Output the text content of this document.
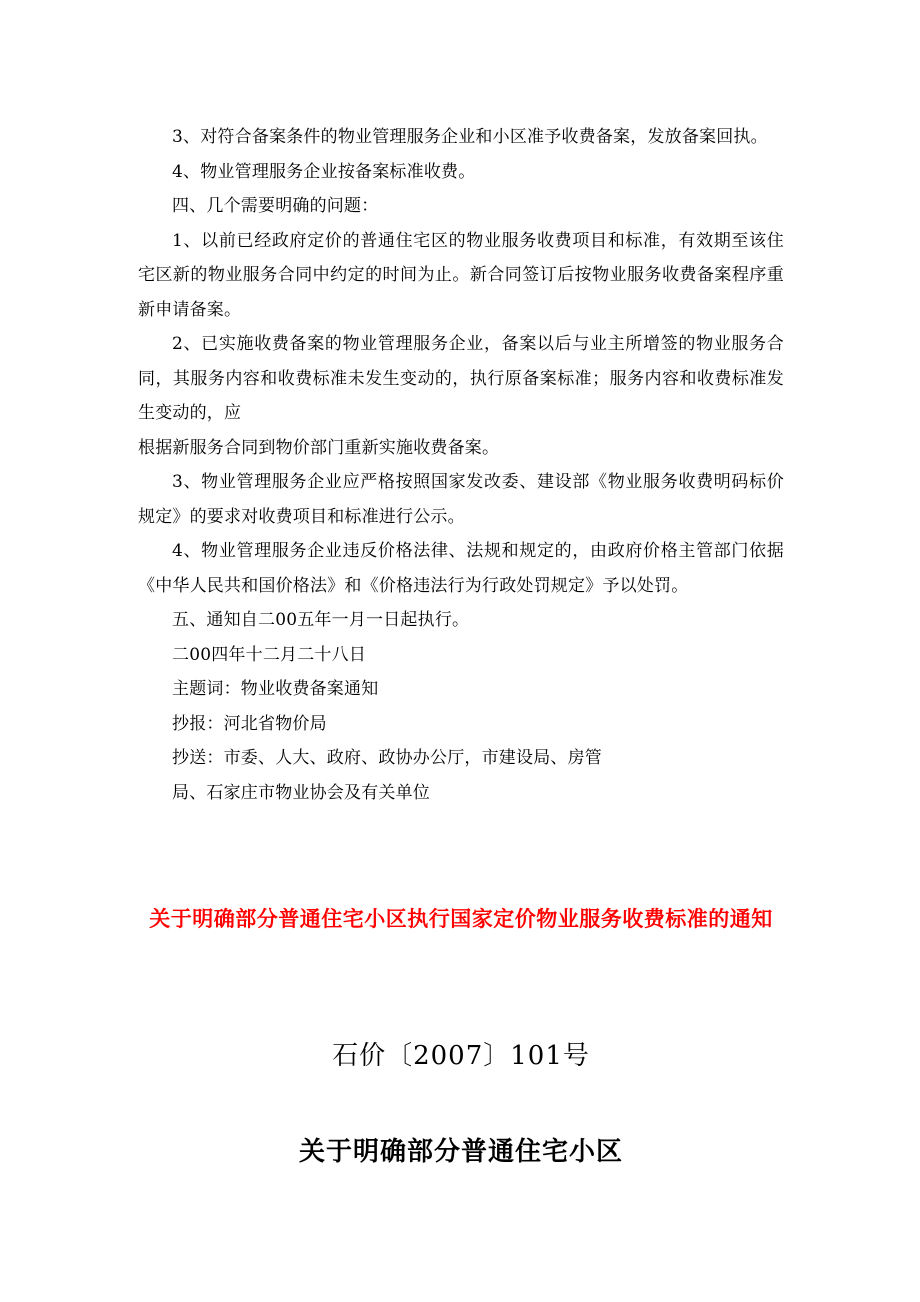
3、对符合备案条件的物业管理服务企业和小区准予收费备案，发放备案回执。

4、物业管理服务企业按备案标准收费。

四、几个需要明确的问题：

1、以前已经政府定价的普通住宅区的物业服务收费项目和标准，有效期至该住宅区新的物业服务合同中约定的时间为止。新合同签订后按物业服务收费备案程序重新申请备案。

2、已实施收费备案的物业管理服务企业，备案以后与业主所增签的物业服务合同，其服务内容和收费标准未发生变动的，执行原备案标准；服务内容和收费标准发生变动的，应

根据新服务合同到物价部门重新实施收费备案。

3、物业管理服务企业应严格按照国家发改委、建设部《物业服务收费明码标价规定》的要求对收费项目和标准进行公示。

4、物业管理服务企业违反价格法律、法规和规定的，由政府价格主管部门依据《中华人民共和国价格法》和《价格违法行为行政处罚规定》予以处罚。

五、通知自二00五年一月一日起执行。

二00四年十二月二十八日

主题词：物业收费备案通知

抄报：河北省物价局

抄送：市委、人大、政府、政协办公厅，市建设局、房管

局、石家庄市物业协会及有关单位

关于明确部分普通住宅小区执行国家定价物业服务收费标准的通知
石价〔2007〕101号
关于明确部分普通住宅小区
